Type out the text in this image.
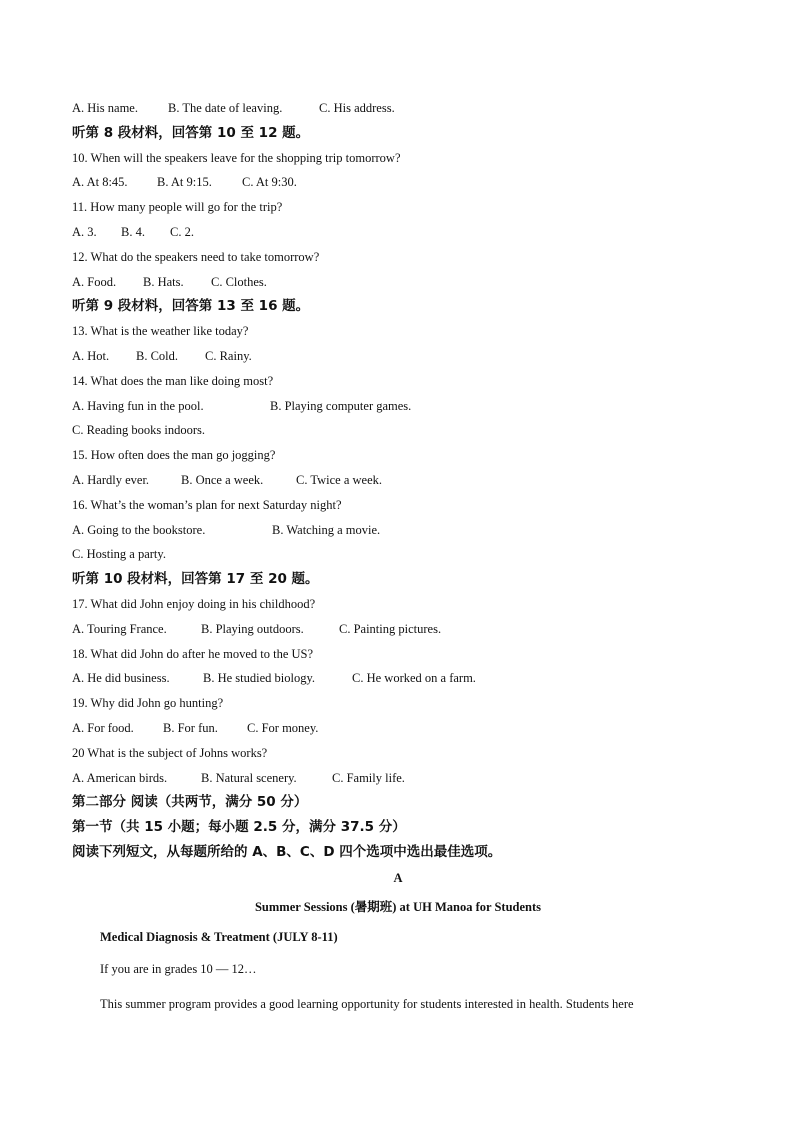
A. His name. B. The date of leaving.	C. His address.
听第 8 段材料，回答第 10 至 12 题。
10. When will the speakers leave for the shopping trip tomorrow?
A. At 8:45. B. At 9:15. C. At 9:30.
11. How many people will go for the trip?
A. 3. B. 4. C. 2.
12. What do the speakers need to take tomorrow?
A. Food. B. Hats. C. Clothes.
听第 9 段材料，回答第 13 至 16 题。
13. What is the weather like today?
A. Hot. B. Cold. C. Rainy.
14. What does the man like doing most?
A. Having fun in the pool.	B. Playing computer games.
C. Reading books indoors.
15. How often does the man go jogging?
A. Hardly ever.	B. Once a week.	C. Twice a week.
16. What’s the woman’s plan for next Saturday night?
A. Going to the bookstore.	B. Watching a movie.
C. Hosting a party.
听第 10 段材料，回答第 17 至 20 题。
17. What did John enjoy doing in his childhood?
A. Touring France.	B. Playing outdoors.	C. Painting pictures.
18. What did John do after he moved to the US?
A. He did business.	B. He studied biology.	C. He worked on a farm.
19. Why did John go hunting?
A. For food. B. For fun. C. For money.
20 What is the subject of Johns works?
A. American birds.	B. Natural scenery.	C. Family life.
第二部分 阅读（共两节，满分 50 分）
第一节（共 15 小题；每小题 2.5 分，满分 37.5 分）
阅读下列短文，从每题所给的 A、B、C、D 四个选项中选出最佳选项。
A
Summer Sessions (暑期班) at UH Manoa for Students
Medical Diagnosis & Treatment (JULY 8-11)
If you are in grades 10 — 12…
This summer program provides a good learning opportunity for students interested in health. Students here
